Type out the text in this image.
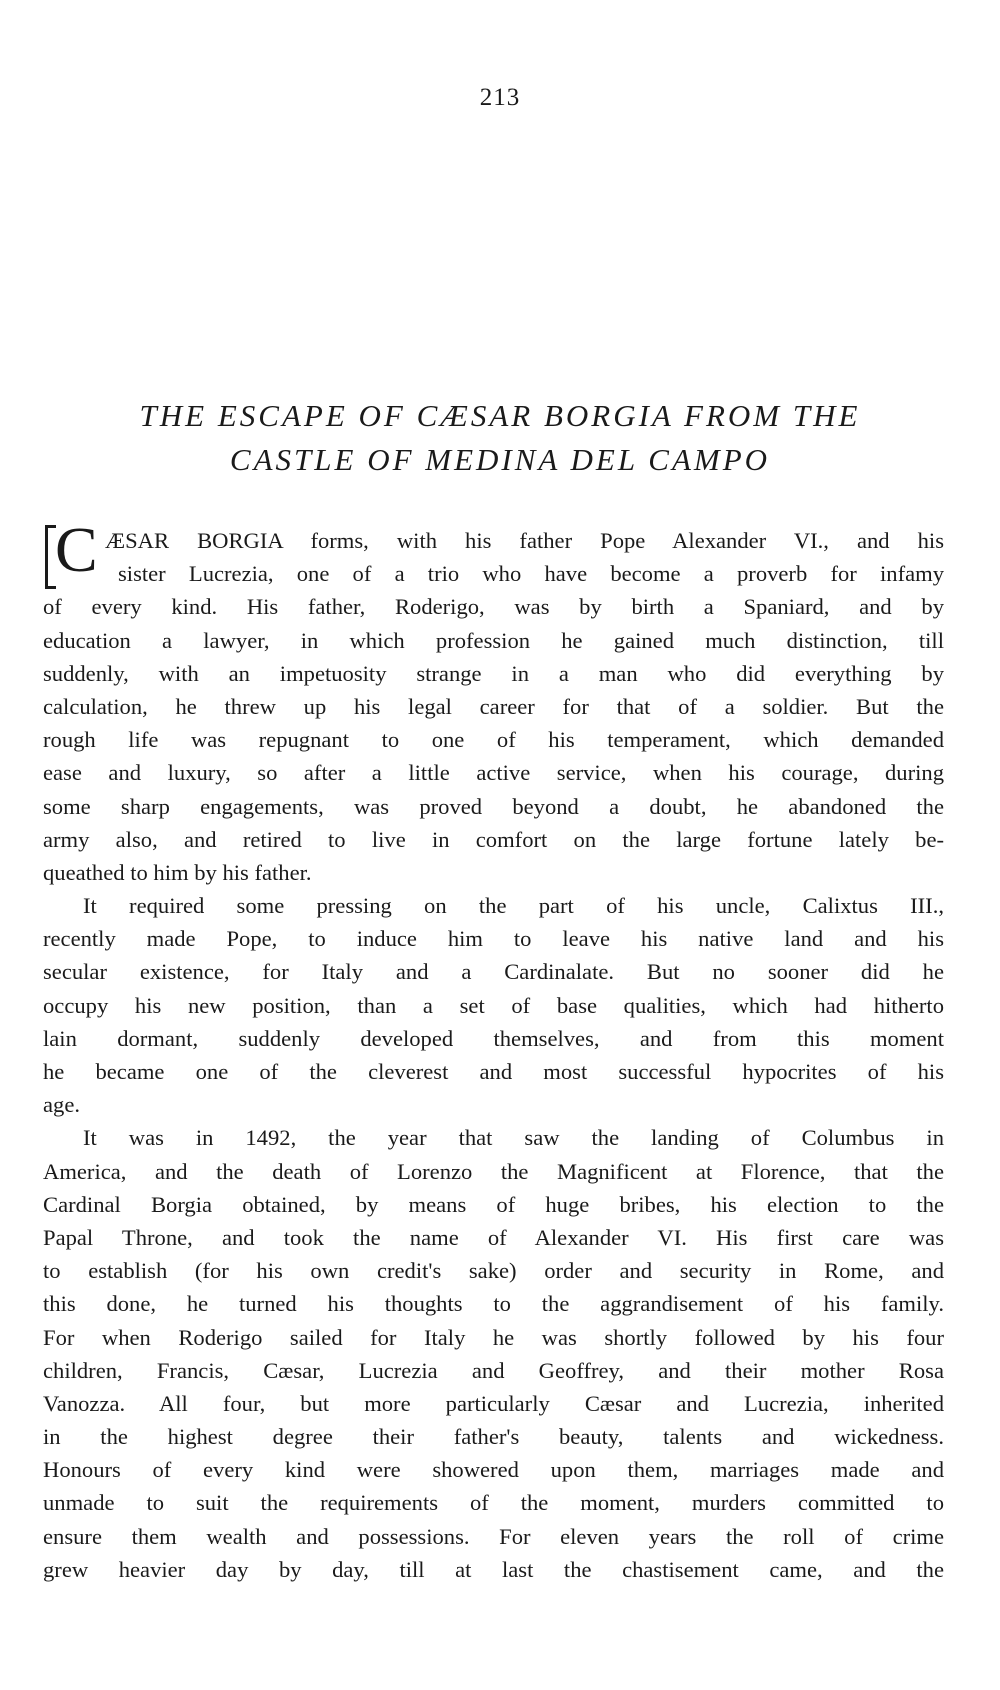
213
THE ESCAPE OF CÆSAR BORGIA FROM THE
CASTLE OF MEDINA DEL CAMPO
C ÆSAR BORGIA forms, with his father Pope Alexander VI., and his
sister Lucrezia, one of a trio who have become a proverb for infamy
of every kind. His father, Roderigo, was by birth a Spaniard, and by
education a lawyer, in which profession he gained much distinction, till
suddenly, with an impetuosity strange in a man who did everything by
calculation, he threw up his legal career for that of a soldier. But the
rough life was repugnant to one of his temperament, which demanded
ease and luxury, so after a little active service, when his courage, during
some sharp engagements, was proved beyond a doubt, he abandoned the
army also, and retired to live in comfort on the large fortune lately be-
queathed to him by his father.
It required some pressing on the part of his uncle, Calixtus III.,
recently made Pope, to induce him to leave his native land and his
secular existence, for Italy and a Cardinalate. But no sooner did he
occupy his new position, than a set of base qualities, which had hitherto
lain dormant, suddenly developed themselves, and from this moment
he became one of the cleverest and most successful hypocrites of his
age.
It was in 1492, the year that saw the landing of Columbus in
America, and the death of Lorenzo the Magnificent at Florence, that the
Cardinal Borgia obtained, by means of huge bribes, his election to the
Papal Throne, and took the name of Alexander VI. His first care was
to establish (for his own credit's sake) order and security in Rome, and
this done, he turned his thoughts to the aggrandisement of his family.
For when Roderigo sailed for Italy he was shortly followed by his four
children, Francis, Cæsar, Lucrezia and Geoffrey, and their mother Rosa
Vanozza. All four, but more particularly Cæsar and Lucrezia, inherited
in the highest degree their father's beauty, talents and wickedness.
Honours of every kind were showered upon them, marriages made and
unmade to suit the requirements of the moment, murders committed to
ensure them wealth and possessions. For eleven years the roll of crime
grew heavier day by day, till at last the chastisement came, and the
